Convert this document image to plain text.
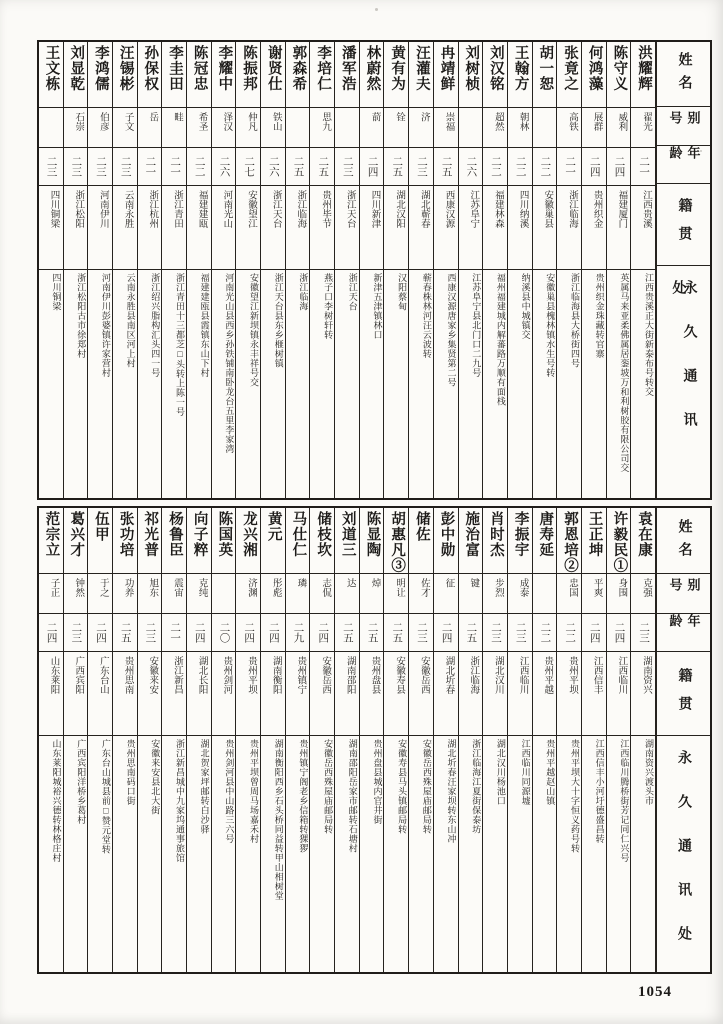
姓名
别号
年龄
籍贯
永久通讯处
洪耀辉
翟光
二一
江西贵溪
江西贵溪正大街新泰布号转交
陈守义
威利
二四
福建厦门
英属马来亚柔佛属居銮坡万和利树胶有限公司交
何鸿藻
展群
二四
贵州织金
贵州织金珠藏转官寨
张竟之
高铁
二一
浙江临海
浙江临海县大桥街四号
胡一恕
二二
安徽巢县
安徽巢县槐林镇水生号转
王翰方
朝林
二二
四川纳溪
纳溪县中城镇交
刘汉铭
超然
二二
福建林森
福州福建城内解蕃路万顺有面栈
刘树桢
二六
江苏阜宁
江苏阜宁县北门口二九号
冉靖鲜
崇福
二五
西康汉源
西康汉源唐家乡集贤第二号
汪灌夫
济
二三
湖北蕲春
蕲春株林河汪云波转
黄有为
铨
二五
湖北汉阳
汉阳蔡甸
林蔚然
葥
二四
四川新津
新津五津镇林口
潘军浩
二三
浙江天台
浙江天台
李培仁
思九
二五
贵州毕节
燕子口李树轩转
郭森希
二五
浙江临海
浙江临海
谢贤仕
铁山
二六
浙江天台
浙江天台县东乡榧树镇
陈振邦
仲凡
二七
安徽望江
安徽望江新坝镇永丰祥号交
李耀中
泽汉
二六
河南光山
河南光山县西乡孙铁铺南卧龙台五里李家湾
陈冠忠
希圣
二二
福建建瓯
福建建瓯县霞镇东山下村
李圭田
畦
二一
浙江青田
浙江青田十三都芝□头转上陈一号
孙保权
岳
二一
浙江杭州
浙江绍兴脂构汇头四一号
汪锡彬
子文
二三
云南永胜
云南永胜县南区河上村
李鸿儒
伯彦
二三
河南伊川
河南伊川彭婆镇许家营村
刘显乾
石崇
二三
浙江松阳
浙江松阳古市徐郑村
王文栋
二三
四川铜梁
四川铜梁
姓名
别号
年龄
籍贯
永久通讯处
袁在康
克强
二三
湖南资兴
湖南资兴渡头市
许毅民①
身围
二四
江西临川
江西临川腾桥街芳记同仁兴号
王正坤
平爽
二四
江西信丰
江西信丰小河圩德盛昌转
郭恩培②
忠国
二二
贵州平坝
贵州平坝大十字恒义药号转
唐寿延
二二
贵州平越
贵州平越赵山镇
李振宇
成泰
二三
江西临川
江西临川同源墟
肖时杰
步烈
二三
湖北汉川
湖北汉川杨池口
施治富
键
二五
浙江临海
浙江临海江夏街保泰坊
彭中勋
征
二四
湖北圻春
湖北圻春汪家坝转东山冲
储佐
佐才
二三
安徽岳西
安徽岳西殊屋庙邮局转
胡惠凡③
明让
二五
安徽寿县
安徽寿县马头镇邮局转
陈显陶
焯
二五
贵州盘县
贵州盘县城内官井街
刘道三
达
二五
湖南邵阳
湖南邵阳岳家市邮转石塘村
储枝坎
志侃
二四
安徽岳西
安徽岳西殊屋庙邮局转
马仕仁
璘
二九
贵州镇宁
贵州镇宁阁老乡信箱转猓猡
黄元
彤彪
二四
湖南衡阳
湖南衡阳西乡石头桥同益转甲山相树堂
龙兴湘
济渊
二四
贵州平坝
贵州平坝曾周马场嘉禾村
陈国英
二〇
贵州剑河
贵州剑河县中山路三六号
向子粹
克纯
二四
湖北长阳
湖北贺家坪邮转白沙驿
杨鲁臣
震宙
二一
浙江新昌
浙江新昌城中九家坞通事旅馆
祁光普
旭东
二三
安徽来安
安徽来安县北大街
张功培
功养
二五
贵州思南
贵州思南码口街
伍甲
于之
二四
广东台山
广东台山城县前□赞元堂转
葛兴才
钟然
二三
广西宾阳
广西宾阳洋桥乡葛村
范宗立
子正
二四
山东莱阳
山东莱阳城裕兴德转林格庄村
1054
